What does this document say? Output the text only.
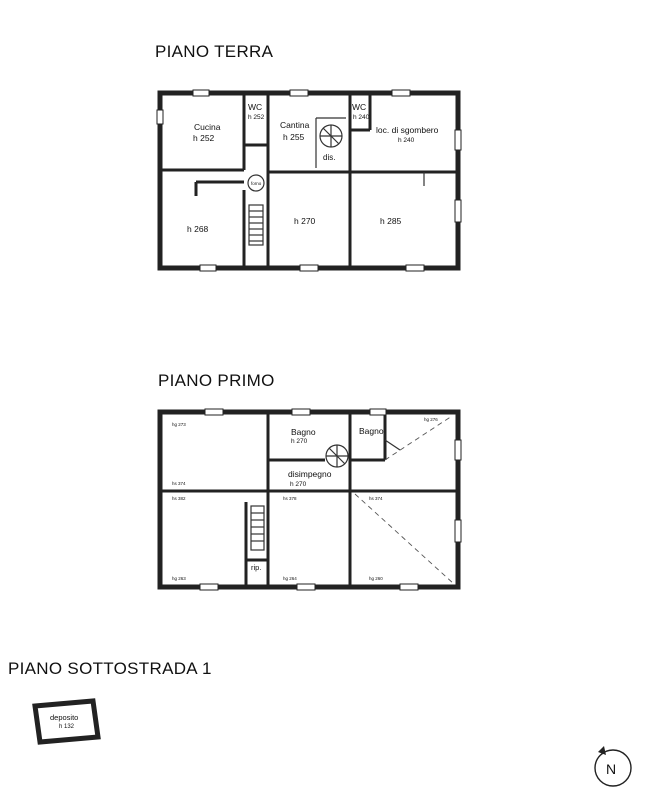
PIANO TERRA
PIANO PRIMO
PIANO SOTTOSTRADA 1
Cucina
h 252
WC
h 252
Cantina
h 255
WC
h 240
loc. di sgombero
h 240
dis.
forno
h 268
h 270	h 285
hg 273
hs 374
hs 382
hg 263
hs 378
hg 264
hg 276
hs 374
hg 260
Bagno
h 270
Bagno
disimpegno
h 270
rip.
deposito
h 132
N
